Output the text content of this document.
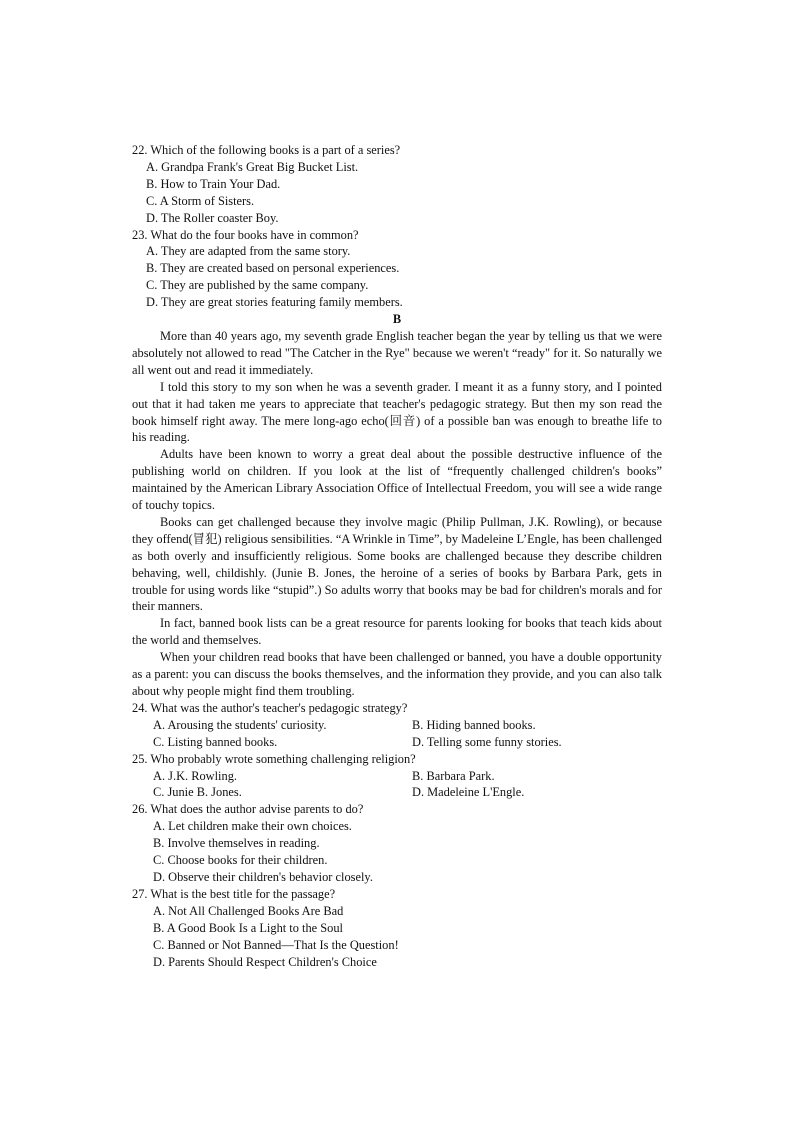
22. Which of the following books is a part of a series?

A. Grandpa Frank's Great Big Bucket List.

B. How to Train Your Dad.

C. A Storm of Sisters.

D. The Roller coaster Boy.

23. What do the four books have in common?

A. They are adapted from the same story.

B. They are created based on personal experiences.

C. They are published by the same company.

D. They are great stories featuring family members.

B

More than 40 years ago, my seventh grade English teacher began the year by telling us that we were absolutely not allowed to read "The Catcher in the Rye" because we weren't “ready" for it. So naturally we all went out and read it immediately.

I told this story to my son when he was a seventh grader. I meant it as a funny story, and I pointed out that it had taken me years to appreciate that teacher's pedagogic strategy. But then my son read the book himself right away. The mere long-ago echo(回音) of a possible ban was enough to breathe life to his reading.

Adults have been known to worry a great deal about the possible destructive influence of the publishing world on children. If you look at the list of “frequently challenged children's books” maintained by the American Library Association Office of Intellectual Freedom, you will see a wide range of touchy topics.

Books can get challenged because they involve magic (Philip Pullman, J.K. Rowling), or because they offend(冒犯) religious sensibilities. “A Wrinkle in Time”, by Madeleine L’Engle, has been challenged as both overly and insufficiently religious. Some books are challenged because they describe children behaving, well, childishly. (Junie B. Jones, the heroine of a series of books by Barbara Park, gets in trouble for using words like “stupid”.) So adults worry that books may be bad for children's morals and for their manners.

In fact, banned book lists can be a great resource for parents looking for books that teach kids about the world and themselves.

When your children read books that have been challenged or banned, you have a double opportunity as a parent: you can discuss the books themselves, and the information they provide, and you can also talk about why people might find them troubling.

24. What was the author's teacher's pedagogic strategy?

A. Arousing the students' curiosity.	B. Hiding banned books.
C. Listing banned books.	D. Telling some funny stories.

25. Who probably wrote something challenging religion?

A. J.K. Rowling.	B. Barbara Park.
C. Junie B. Jones.	D. Madeleine L'Engle.

26. What does the author advise parents to do?

A. Let children make their own choices.

B. Involve themselves in reading.

C. Choose books for their children.

D. Observe their children's behavior closely.

27. What is the best title for the passage?

A. Not All Challenged Books Are Bad

B. A Good Book Is a Light to the Soul

C. Banned or Not Banned—That Is the Question!

D. Parents Should Respect Children's Choice
